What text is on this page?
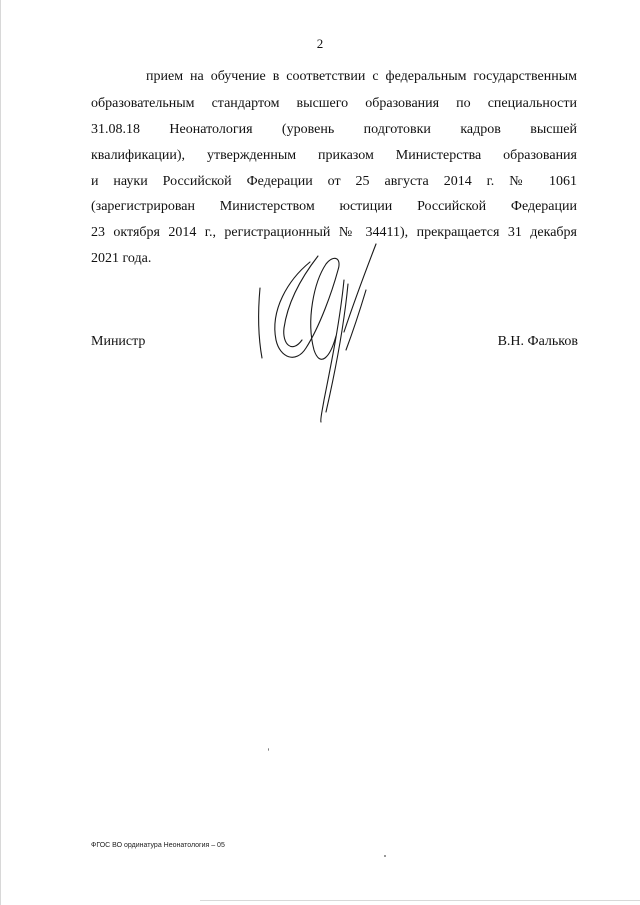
2
прием на обучение в соответствии с федеральным государственным
образовательным стандартом высшего образования по специальности
31.08.18 Неонатология (уровень подготовки кадров высшей
квалификации), утвержденным приказом Министерства образования
и науки Российской Федерации от 25 августа 2014 г. № 1061
(зарегистрирован Министерством юстиции Российской Федерации
23 октября 2014 г., регистрационный № 34411), прекращается 31 декабря
2021 года.
Министр	В.Н. Фальков
ФГОС ВО ординатура Неонатология – 05
